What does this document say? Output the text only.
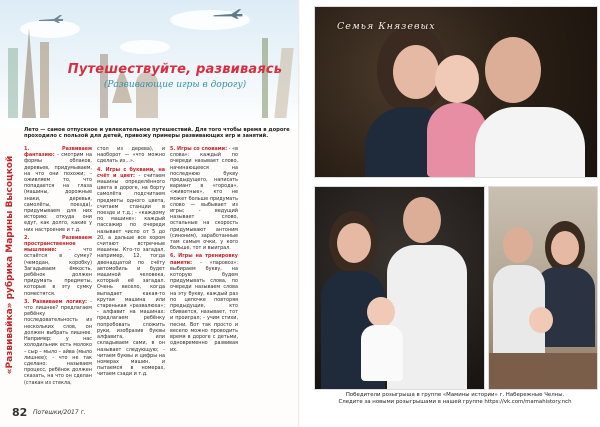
Путешествуйте, развиваясь
(Развивающие игры в дорогу)
«Развивайка» рубрика Марины Высоцкой
Лето — самое отпускное и увлекательное путешествий. Для того чтобы время в дороге проходило с пользой для детей, привожу примеры развивающих игр и занятий.

1. Развиваем фантазию: - смотрим на формы облаков, деревьев, придумываем, на что они похожи; - оживляем то, что попадается на глаза (машины, дорожные знаки, деревья, самолёты, поезда), придумываем для них историю: откуда они едут, как долго, какие у них настроение и т.д.

2. Развиваем пространственное мышление:	- что остаётся в сумку? (чемодан, коробку) Загадываем ёмкость, ребёнок должен придумать предметы, которые в эту сумку поместятся.

3. Развиваем логику: - что лишнее? предлагаем ребёнку последовательность из нескольких слов, он должен выбрать лишнее. Например: у нас холодильник есть молоко – сыр – мыло – айва (мыло лишнее); - что не так сделано: называем процесс, ребёнок должен сказать, на что он сделан (стакан из стекла,

стол из дерева), и наоборот — «что можно сделать из...».

4. Игры с буквами, на счёт и цвет: - считаем машины определённого цвета в дороге, на борту самолёта подсчитаем предметы одного цвета, считаем станции в поезде и т.д.; - «каждому по машине»: каждый пассажир по очереди называет число от 5 до 20, а дальше все хором считают встречные машины. Кто-то загадал, например, 12, тогда двенадцатой по счёту автомобиль и будет машиной человека, который её загадал. Очень весело, когда выпадает какая-то крутая машина или старенькая «развалюха»; - алфавит на машинах: предлагаем ребёнку попробовать сложить руки, изобразив буквы алфавита, или складываем сами, в он называет следующую; - читаем буквы и цифры на номерах машин, и пытаемся в номерах, читаем сзади и т.д.

5. Игры со словами: - «в слова»: каждый по очереди называет слово, начинающееся на последнюю букву предыдущего, написать вариант в «города», «животные», кто не может больше придумать слово — выбывает из игры; - ведущий называет слово, остальные на скорость придумывают антоним (синоним), заработанные там самым очки, у кого больше, тот и выиграл.

6. Игры на тренировку памяти: - «паровоз»: выбираем букву, на которую будем придумывать слова, по очереди называем слова на эту букву, каждый раз по цепочке повторяя предыдущие, кто сбивается, называет, тот и проиграл; - учим стихи, песни. Вот так просто и весело можно проводить время в дороге с детьми, одновременно развивая их.

82 Потешки/2017 г.
Семья Князевых
Победители розыгрыша в группе «Мамины истории» г. Набережные Челны.
Следите за новыми розыгрышами в нашей группе https://vk.com/mamahistory.nch
